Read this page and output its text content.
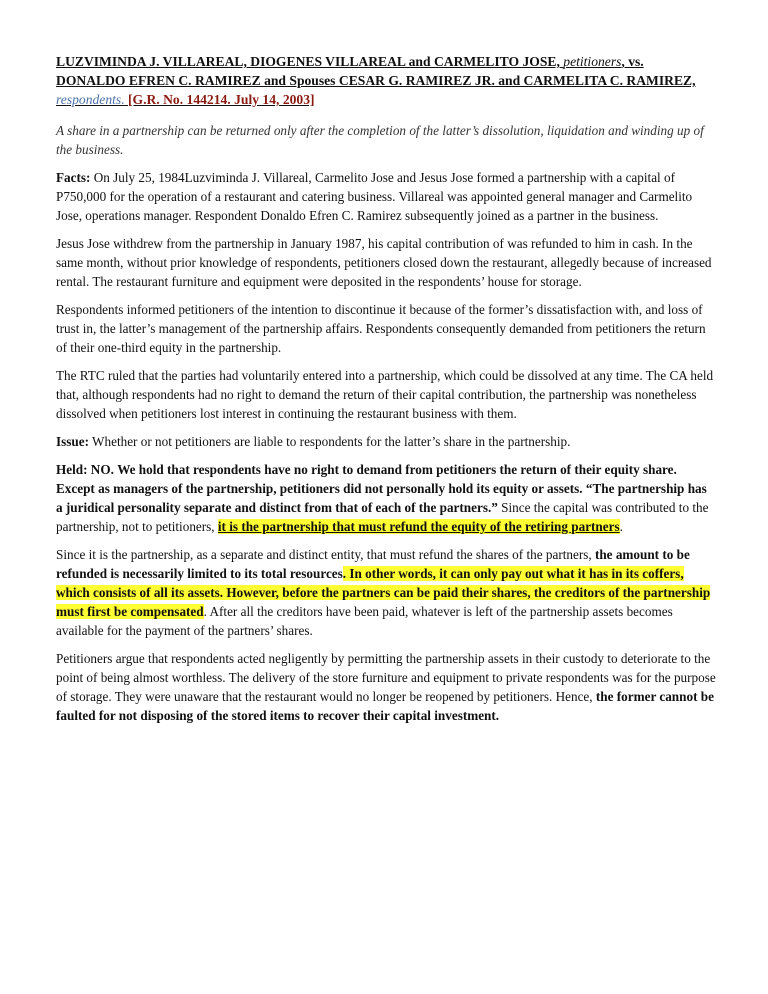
LUZVIMINDA J. VILLAREAL, DIOGENES VILLAREAL and CARMELITO JOSE, petitioners, vs. DONALDO EFREN C. RAMIREZ and Spouses CESAR G. RAMIREZ JR. and CARMELITA C. RAMIREZ, respondents. [G.R. No. 144214. July 14, 2003]

A share in a partnership can be returned only after the completion of the latter’s dissolution, liquidation and winding up of the business.

Facts: On July 25, 1984Luzviminda J. Villareal, Carmelito Jose and Jesus Jose formed a partnership with a capital of P750,000 for the operation of a restaurant and catering business. Villareal was appointed general manager and Carmelito Jose, operations manager. Respondent Donaldo Efren C. Ramirez subsequently joined as a partner in the business.

Jesus Jose withdrew from the partnership in January 1987, his capital contribution of was refunded to him in cash. In the same month, without prior knowledge of respondents, petitioners closed down the restaurant, allegedly because of increased rental. The restaurant furniture and equipment were deposited in the respondents’ house for storage.

Respondents informed petitioners of the intention to discontinue it because of the former’s dissatisfaction with, and loss of trust in, the latter’s management of the partnership affairs. Respondents consequently demanded from petitioners the return of their one-third equity in the partnership.

The RTC ruled that the parties had voluntarily entered into a partnership, which could be dissolved at any time. The CA held that, although respondents had no right to demand the return of their capital contribution, the partnership was nonetheless dissolved when petitioners lost interest in continuing the restaurant business with them.

Issue: Whether or not petitioners are liable to respondents for the latter’s share in the partnership.

Held: NO. We hold that respondents have no right to demand from petitioners the return of their equity share. Except as managers of the partnership, petitioners did not personally hold its equity or assets. “The partnership has a juridical personality separate and distinct from that of each of the partners.” Since the capital was contributed to the partnership, not to petitioners, it is the partnership that must refund the equity of the retiring partners.

Since it is the partnership, as a separate and distinct entity, that must refund the shares of the partners, the amount to be refunded is necessarily limited to its total resources. In other words, it can only pay out what it has in its coffers, which consists of all its assets. However, before the partners can be paid their shares, the creditors of the partnership must first be compensated. After all the creditors have been paid, whatever is left of the partnership assets becomes available for the payment of the partners’ shares.

Petitioners argue that respondents acted negligently by permitting the partnership assets in their custody to deteriorate to the point of being almost worthless. The delivery of the store furniture and equipment to private respondents was for the purpose of storage. They were unaware that the restaurant would no longer be reopened by petitioners. Hence, the former cannot be faulted for not disposing of the stored items to recover their capital investment.
